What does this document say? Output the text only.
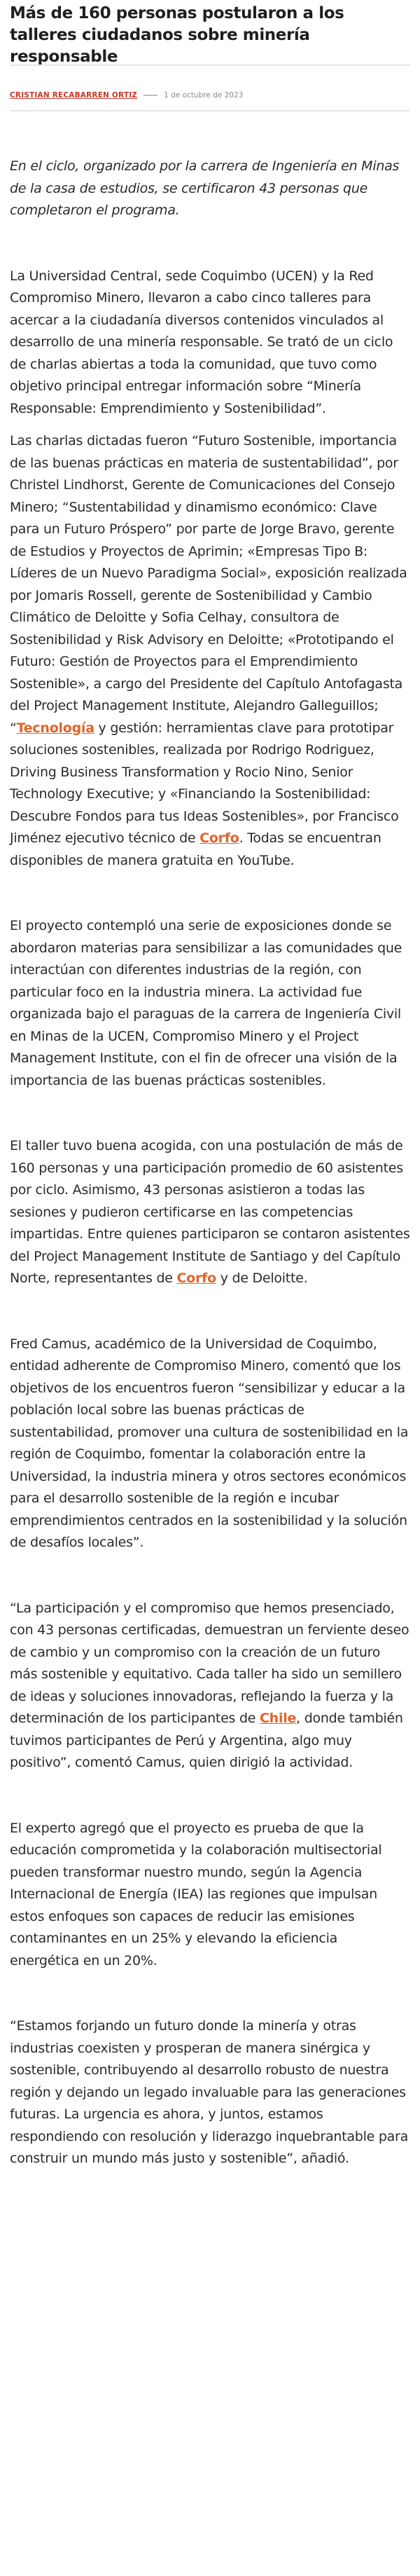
Más de 160 personas postularon a los talleres ciudadanos sobre minería responsable
CRISTIAN RECABARREN ORTIZ	1 de octubre de 2023

En el ciclo, organizado por la carrera de Ingeniería en Minas de la casa de estudios, se certificaron 43 personas que completaron el programa.

La Universidad Central, sede Coquimbo (UCEN) y la Red Compromiso Minero, llevaron a cabo cinco talleres para acercar a la ciudadanía diversos contenidos vinculados al desarrollo de una minería responsable. Se trató de un ciclo de charlas abiertas a toda la comunidad, que tuvo como objetivo principal entregar información sobre “Minería Responsable: Emprendimiento y Sostenibilidad”.

Las charlas dictadas fueron “Futuro Sostenible, importancia de las buenas prácticas en materia de sustentabilidad”, por Christel Lindhorst, Gerente de Comunicaciones del Consejo Minero; “Sustentabilidad y dinamismo económico: Clave para un Futuro Próspero” por parte de Jorge Bravo, gerente de Estudios y Proyectos de Aprimin; «Empresas Tipo B: Líderes de un Nuevo Paradigma Social», exposición realizada por Jomaris Rossell, gerente de Sostenibilidad y Cambio Climático de Deloitte y Sofia Celhay, consultora de Sostenibilidad y Risk Advisory en Deloitte; «Prototipando el Futuro: Gestión de Proyectos para el Emprendimiento Sostenible», a cargo del Presidente del Capítulo Antofagasta del Project Management Institute, Alejandro Galleguillos; “Tecnología y gestión: herramientas clave para prototipar soluciones sostenibles, realizada por Rodrigo Rodriguez, Driving Business Transformation y Rocio Nino, Senior Technology Executive; y «Financiando la Sostenibilidad: Descubre Fondos para tus Ideas Sostenibles», por Francisco Jiménez ejecutivo técnico de Corfo. Todas se encuentran disponibles de manera gratuita en YouTube.

El proyecto contempló una serie de exposiciones donde se abordaron materias para sensibilizar a las comunidades que interactúan con diferentes industrias de la región, con particular foco en la industria minera. La actividad fue organizada bajo el paraguas de la carrera de Ingeniería Civil en Minas de la UCEN, Compromiso Minero y el Project Management Institute, con el fin de ofrecer una visión de la importancia de las buenas prácticas sostenibles.

El taller tuvo buena acogida, con una postulación de más de 160 personas y una participación promedio de 60 asistentes por ciclo. Asimismo, 43 personas asistieron a todas las sesiones y pudieron certificarse en las competencias impartidas. Entre quienes participaron se contaron asistentes del Project Management Institute de Santiago y del Capítulo Norte, representantes de Corfo y de Deloitte.

Fred Camus, académico de la Universidad de Coquimbo, entidad adherente de Compromiso Minero, comentó que los objetivos de los encuentros fueron “sensibilizar y educar a la población local sobre las buenas prácticas de sustentabilidad, promover una cultura de sostenibilidad en la región de Coquimbo, fomentar la colaboración entre la Universidad, la industria minera y otros sectores económicos para el desarrollo sostenible de la región e incubar emprendimientos centrados en la sostenibilidad y la solución de desafíos locales”.

“La participación y el compromiso que hemos presenciado, con 43 personas certificadas, demuestran un ferviente deseo de cambio y un compromiso con la creación de un futuro más sostenible y equitativo. Cada taller ha sido un semillero de ideas y soluciones innovadoras, reflejando la fuerza y la determinación de los participantes de Chile, donde también tuvimos participantes de Perú y Argentina, algo muy positivo”, comentó Camus, quien dirigió la actividad.

El experto agregó que el proyecto es prueba de que la educación comprometida y la colaboración multisectorial pueden transformar nuestro mundo, según la Agencia Internacional de Energía (IEA) las regiones que impulsan estos enfoques son capaces de reducir las emisiones contaminantes en un 25% y elevando la eficiencia energética en un 20%.

“Estamos forjando un futuro donde la minería y otras industrias coexisten y prosperan de manera sinérgica y sostenible, contribuyendo al desarrollo robusto de nuestra región y dejando un legado invaluable para las generaciones futuras. La urgencia es ahora, y juntos, estamos respondiendo con resolución y liderazgo inquebrantable para construir un mundo más justo y sostenible”, añadió.
